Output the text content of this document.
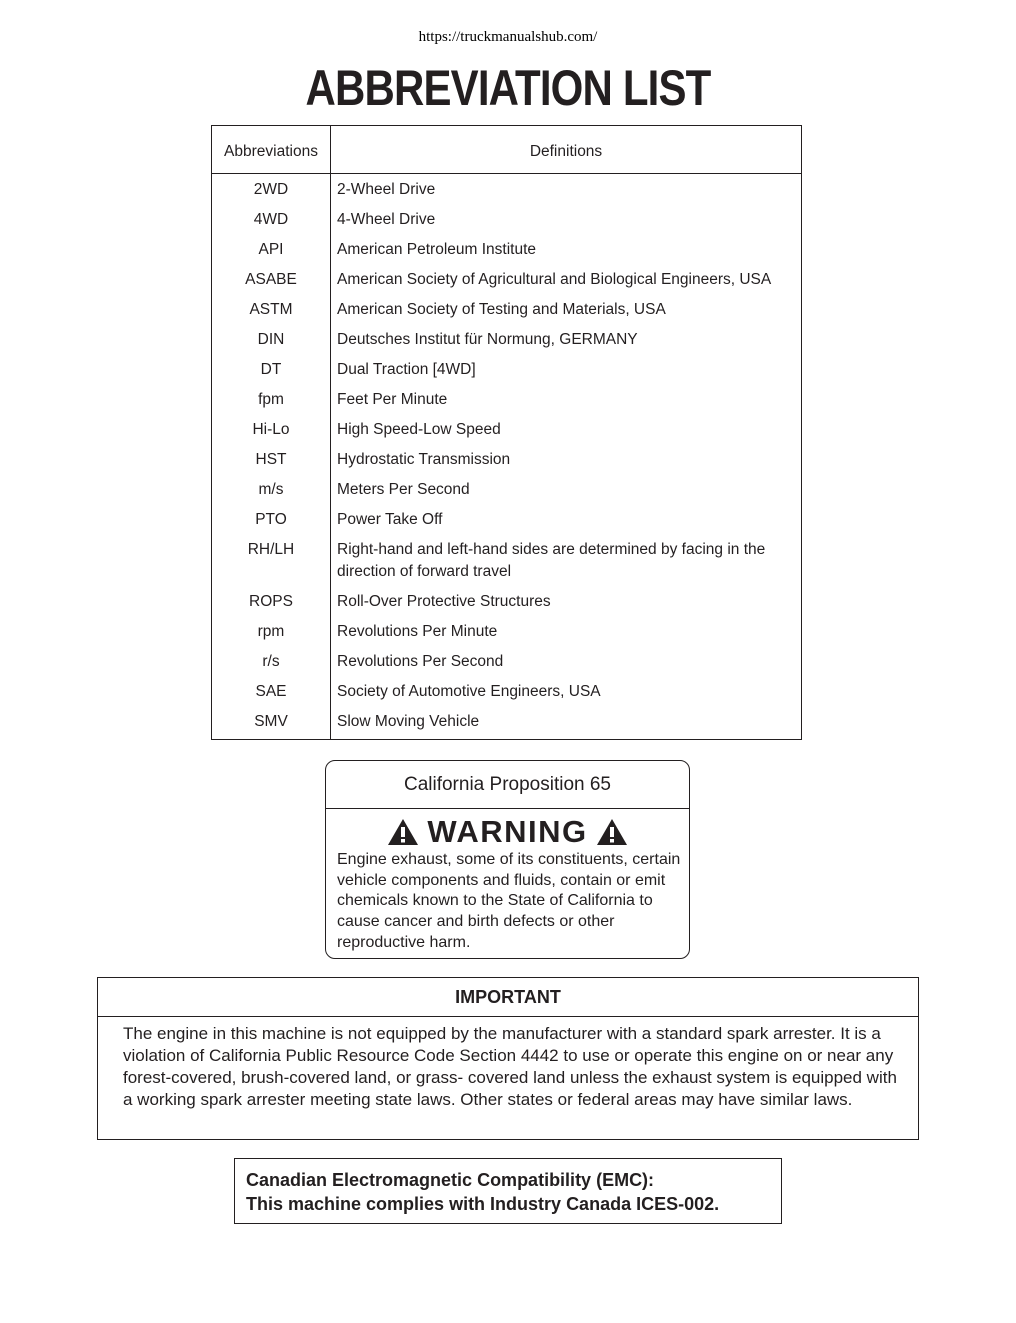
https://truckmanualshub.com/
ABBREVIATION LIST
Abbreviations	Definitions
2WD	2-Wheel Drive
4WD	4-Wheel Drive
API	American Petroleum Institute
ASABE	American Society of Agricultural and Biological Engineers, USA
ASTM	American Society of Testing and Materials, USA
DIN	Deutsches Institut für Normung, GERMANY
DT	Dual Traction [4WD]
fpm	Feet Per Minute
Hi-Lo	High Speed-Low Speed
HST	Hydrostatic Transmission
m/s	Meters Per Second
PTO	Power Take Off
RH/LH	Right-hand and left-hand sides are determined by facing in the direction of forward travel
ROPS	Roll-Over Protective Structures
rpm	Revolutions Per Minute
r/s	Revolutions Per Second
SAE	Society of Automotive Engineers, USA
SMV	Slow Moving Vehicle
California Proposition 65
WARNING
Engine exhaust, some of its constituents, certain vehicle components and fluids, contain or emit chemicals known to the State of California to cause cancer and birth defects or other reproductive harm.
IMPORTANT
The engine in this machine is not equipped by the manufacturer with a standard spark arrester. It is a violation of California Public Resource Code Section 4442 to use or operate this engine on or near any forest-covered, brush-covered land, or grass- covered land unless the exhaust system is equipped with a working spark arrester meeting state laws. Other states or federal areas may have similar laws.
Canadian Electromagnetic Compatibility (EMC):
This machine complies with Industry Canada ICES-002.
